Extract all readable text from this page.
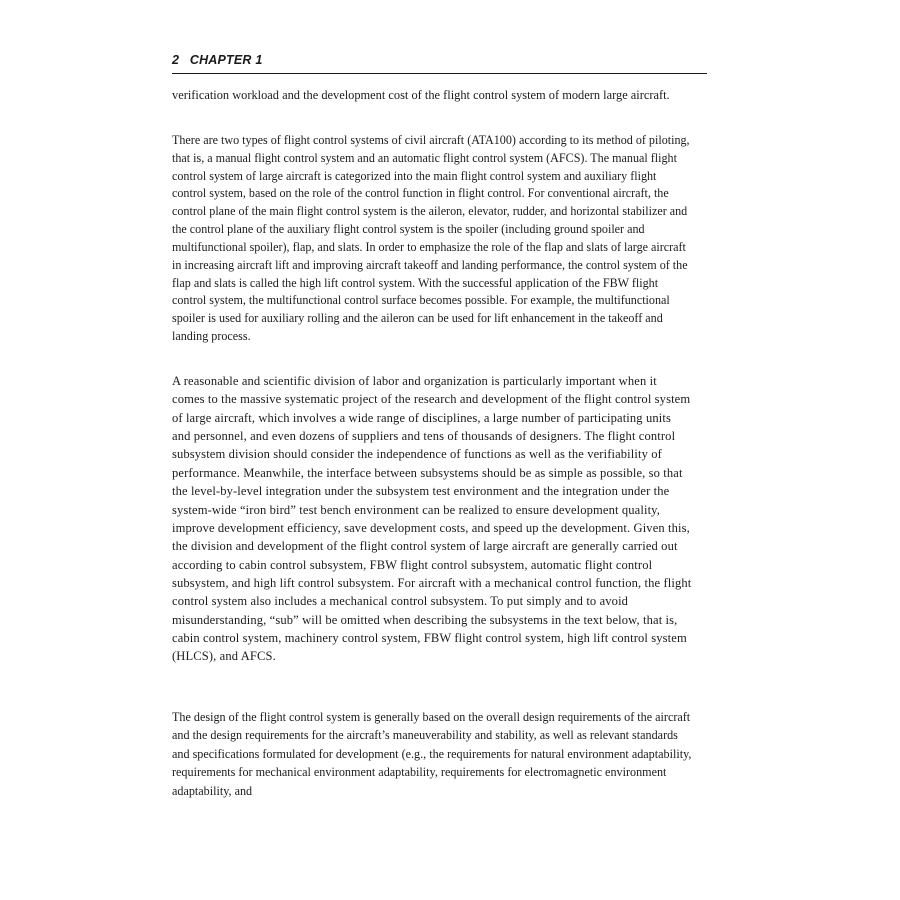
2 CHAPTER 1

verification workload and the development cost of the flight control system of modern large aircraft.

There are two types of flight control systems of civil aircraft (ATA100) according to its method of piloting, that is, a manual flight control system and an automatic flight control system (AFCS). The manual flight control system of large aircraft is categorized into the main flight control system and auxiliary flight control system, based on the role of the control function in flight control. For conventional aircraft, the control plane of the main flight control system is the aileron, elevator, rudder, and horizontal stabilizer and the control plane of the auxiliary flight control system is the spoiler (including ground spoiler and multifunctional spoiler), flap, and slats. In order to emphasize the role of the flap and slats of large aircraft in increasing aircraft lift and improving aircraft takeoff and landing performance, the control system of the flap and slats is called the high lift control system. With the successful application of the FBW flight control system, the multifunctional control surface becomes possible. For example, the multifunctional spoiler is used for auxiliary rolling and the aileron can be used for lift enhancement in the takeoff and landing process.

A reasonable and scientific division of labor and organization is particularly important when it comes to the massive systematic project of the research and development of the flight control system of large aircraft, which involves a wide range of disciplines, a large number of participating units and personnel, and even dozens of suppliers and tens of thousands of designers. The flight control subsystem division should consider the independence of functions as well as the verifiability of performance. Meanwhile, the interface between subsystems should be as simple as possible, so that the level-by-level integration under the subsystem test environment and the integration under the system-wide “iron bird” test bench environment can be realized to ensure development quality, improve development efficiency, save development costs, and speed up the development. Given this, the division and development of the flight control system of large aircraft are generally carried out according to cabin control subsystem, FBW flight control subsystem, automatic flight control subsystem, and high lift control subsystem. For aircraft with a mechanical control function, the flight control system also includes a mechanical control subsystem. To put simply and to avoid misunderstanding, “sub” will be omitted when describing the subsystems in the text below, that is, cabin control system, machinery control system, FBW flight control system, high lift control system (HLCS), and AFCS.

The design of the flight control system is generally based on the overall design requirements of the aircraft and the design requirements for the aircraft’s maneuverability and stability, as well as relevant standards and specifications formulated for development (e.g., the requirements for natural environment adaptability, requirements for mechanical environment adaptability, requirements for electromagnetic environment adaptability, and
